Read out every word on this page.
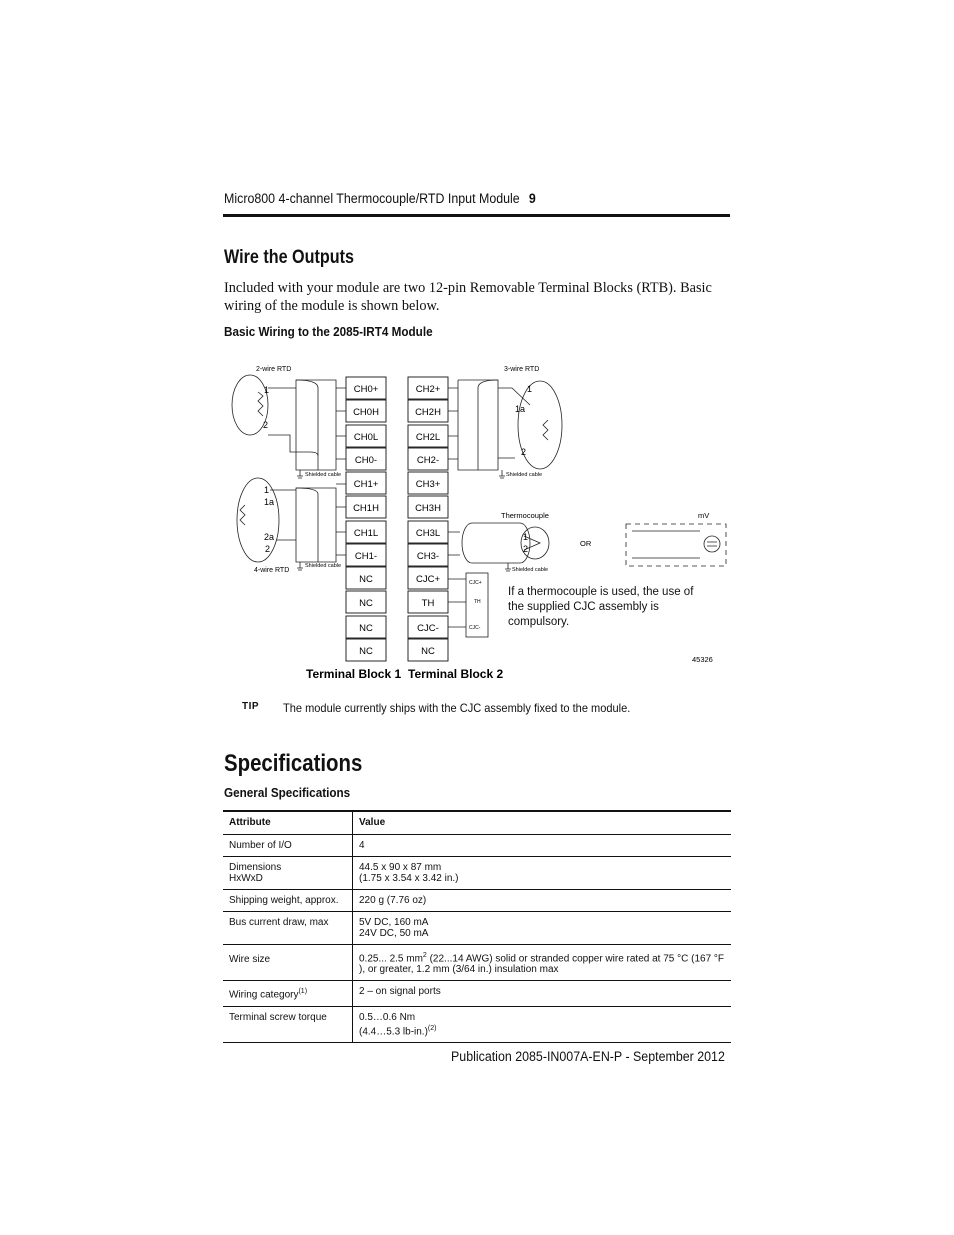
Micro800 4-channel Thermocouple/RTD Input Module 9
Wire the Outputs
Included with your module are two 12-pin Removable Terminal Blocks (RTB). Basic wiring of the module is shown below.
Basic Wiring to the 2085-IRT4 Module
CH0+
CH0H
CH0L
CH0-
CH1+
CH1H
CH1L
CH1-
NC
NC
NC
NC
CH2+
CH2H
CH2L
CH2-
CH3+
CH3H
CH3L
CH3-
CJC+
TH
CJC-
NC
2-wire RTD
1
2
Shielded cable
1
1a
2a
2
4-wire RTD
Shielded cable
3-wire RTD
1
1a
2
Shielded cable
Thermocouple
1
2
Shielded cable
OR
mV
CJC+
TH
CJC-
45326
Terminal Block 1 Terminal Block 2
If a thermocouple is used, the use of the supplied CJC assembly is compulsory.
TIP The module currently ships with the CJC assembly fixed to the module.
Specifications
General Specifications
Attribute	Value
Number of I/O	4
Dimensions
HxWxD	44.5 x 90 x 87 mm
(1.75 x 3.54 x 3.42 in.)
Shipping weight, approx.	220 g (7.76 oz)
Bus current draw, max	5V DC, 160 mA
24V DC, 50 mA
Wire size	0.25... 2.5 $mm^2$ (22...14 AWG) solid or stranded copper wire rated at 75 °C (167 °F ), or greater, 1.2 mm (3/64 in.) insulation max
Wiring category$^{(1)}$	2 – on signal ports
Terminal screw torque	0.5…0.6 Nm
(4.4…5.3 lb-in.)$^{(2)}$
Publication 2085-IN007A-EN-P - September 2012
